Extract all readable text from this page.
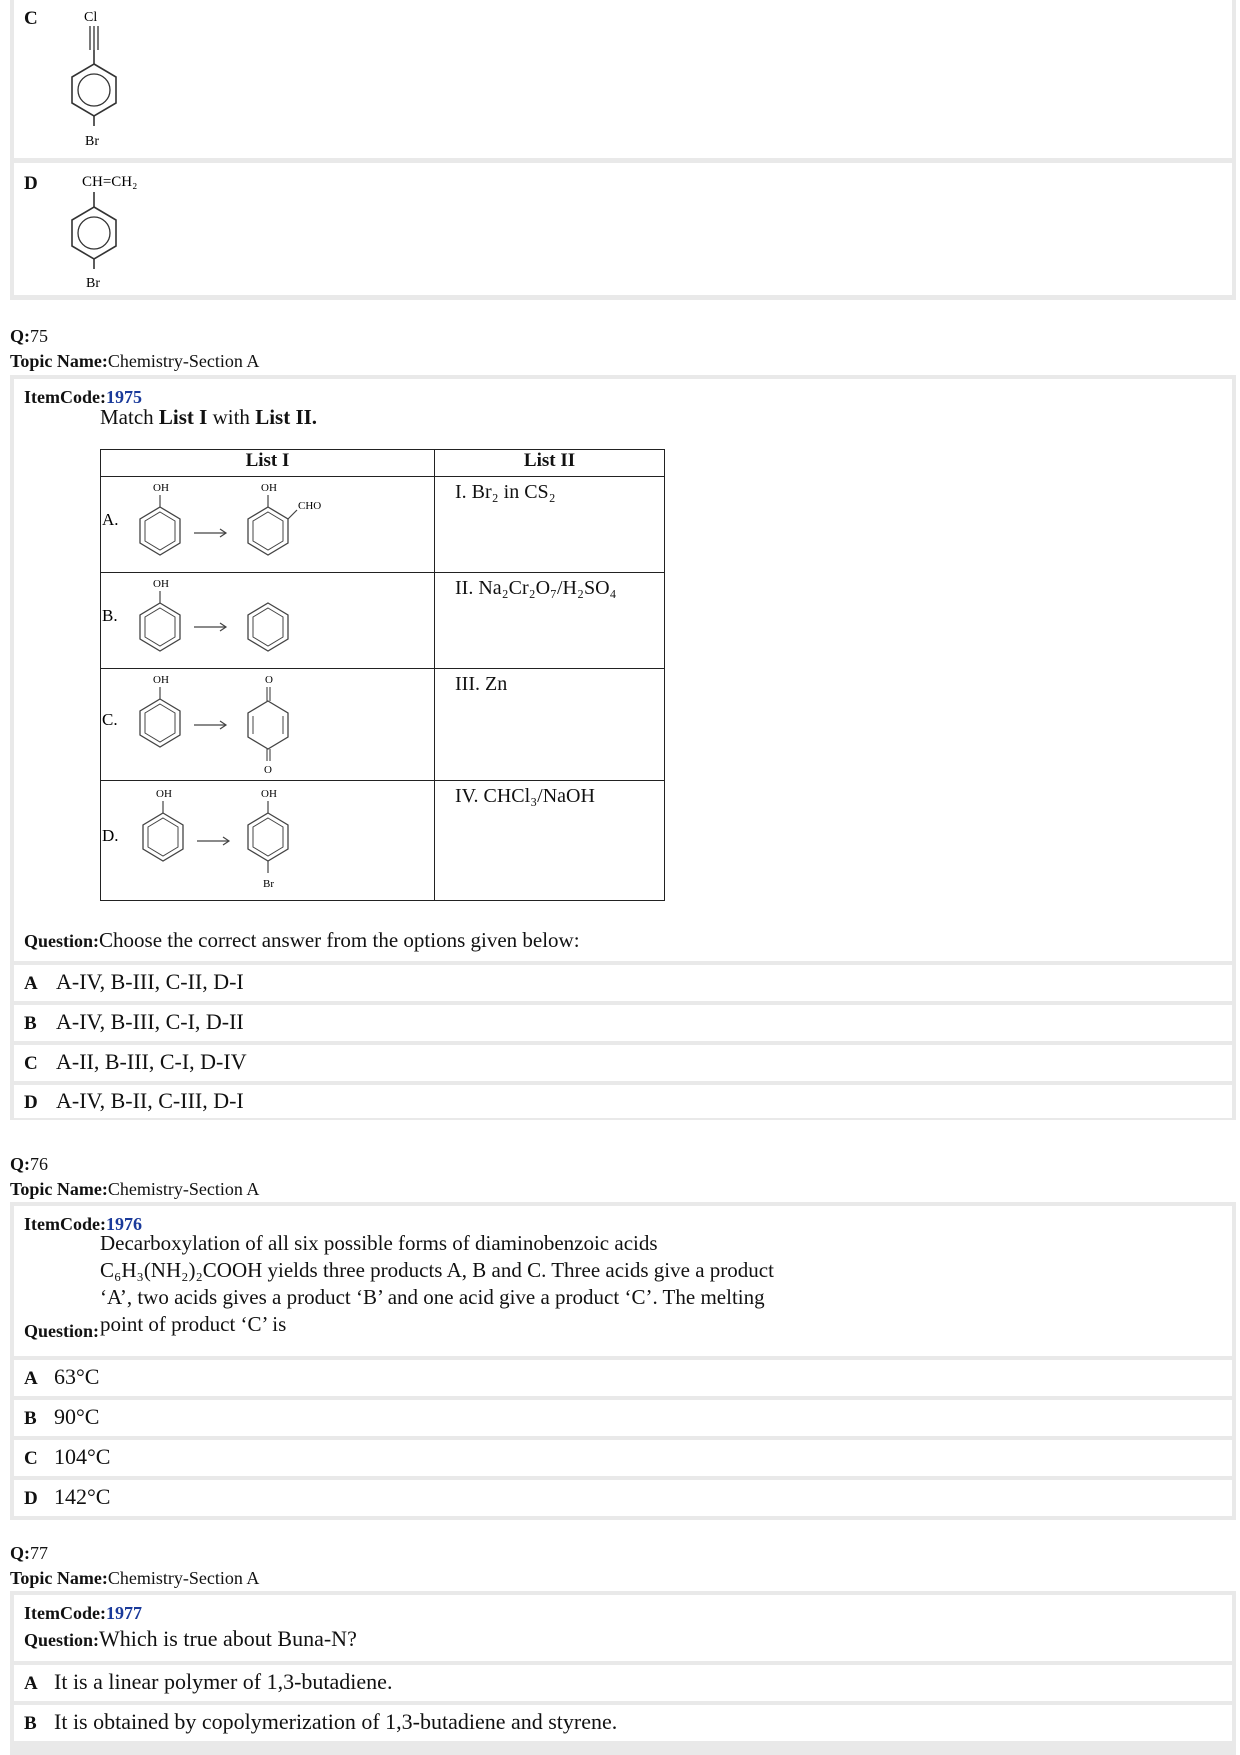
C	Cl
Br
D	CH=CH₂
Br
Q:75
Topic Name:Chemistry-Section A
ItemCode:1975
Match List I with List II.
List I	List II

A.
OH OH
CHO	I. Br₂ in CS₂

B.
OH	II. Na₂Cr₂O₇/H₂SO₄

C.
OH O
O	III. Zn

D.
OH OH
Br	IV. CHCl₃/NaOH
Question:Choose the correct answer from the options given below:
A A-IV, B-III, C-II, D-I
B A-IV, B-III, C-I, D-II
C A-II, B-III, C-I, D-IV
D A-IV, B-II, C-III, D-I
Q:76
Topic Name:Chemistry-Section A
ItemCode:1976
Decarboxylation of all six possible forms of diaminobenzoic acids
C₆H₃(NH₂)₂COOH yields three products A, B and C. Three acids give a product
‘A’, two acids gives a product ‘B’ and one acid give a product ‘C’. The melting
point of product ‘C’ is
Question:
A 63°C
B 90°C
C 104°C
D 142°C
Q:77
Topic Name:Chemistry-Section A
ItemCode:1977
Question:Which is true about Buna-N?
A It is a linear polymer of 1,3-butadiene.
B It is obtained by copolymerization of 1,3-butadiene and styrene.
